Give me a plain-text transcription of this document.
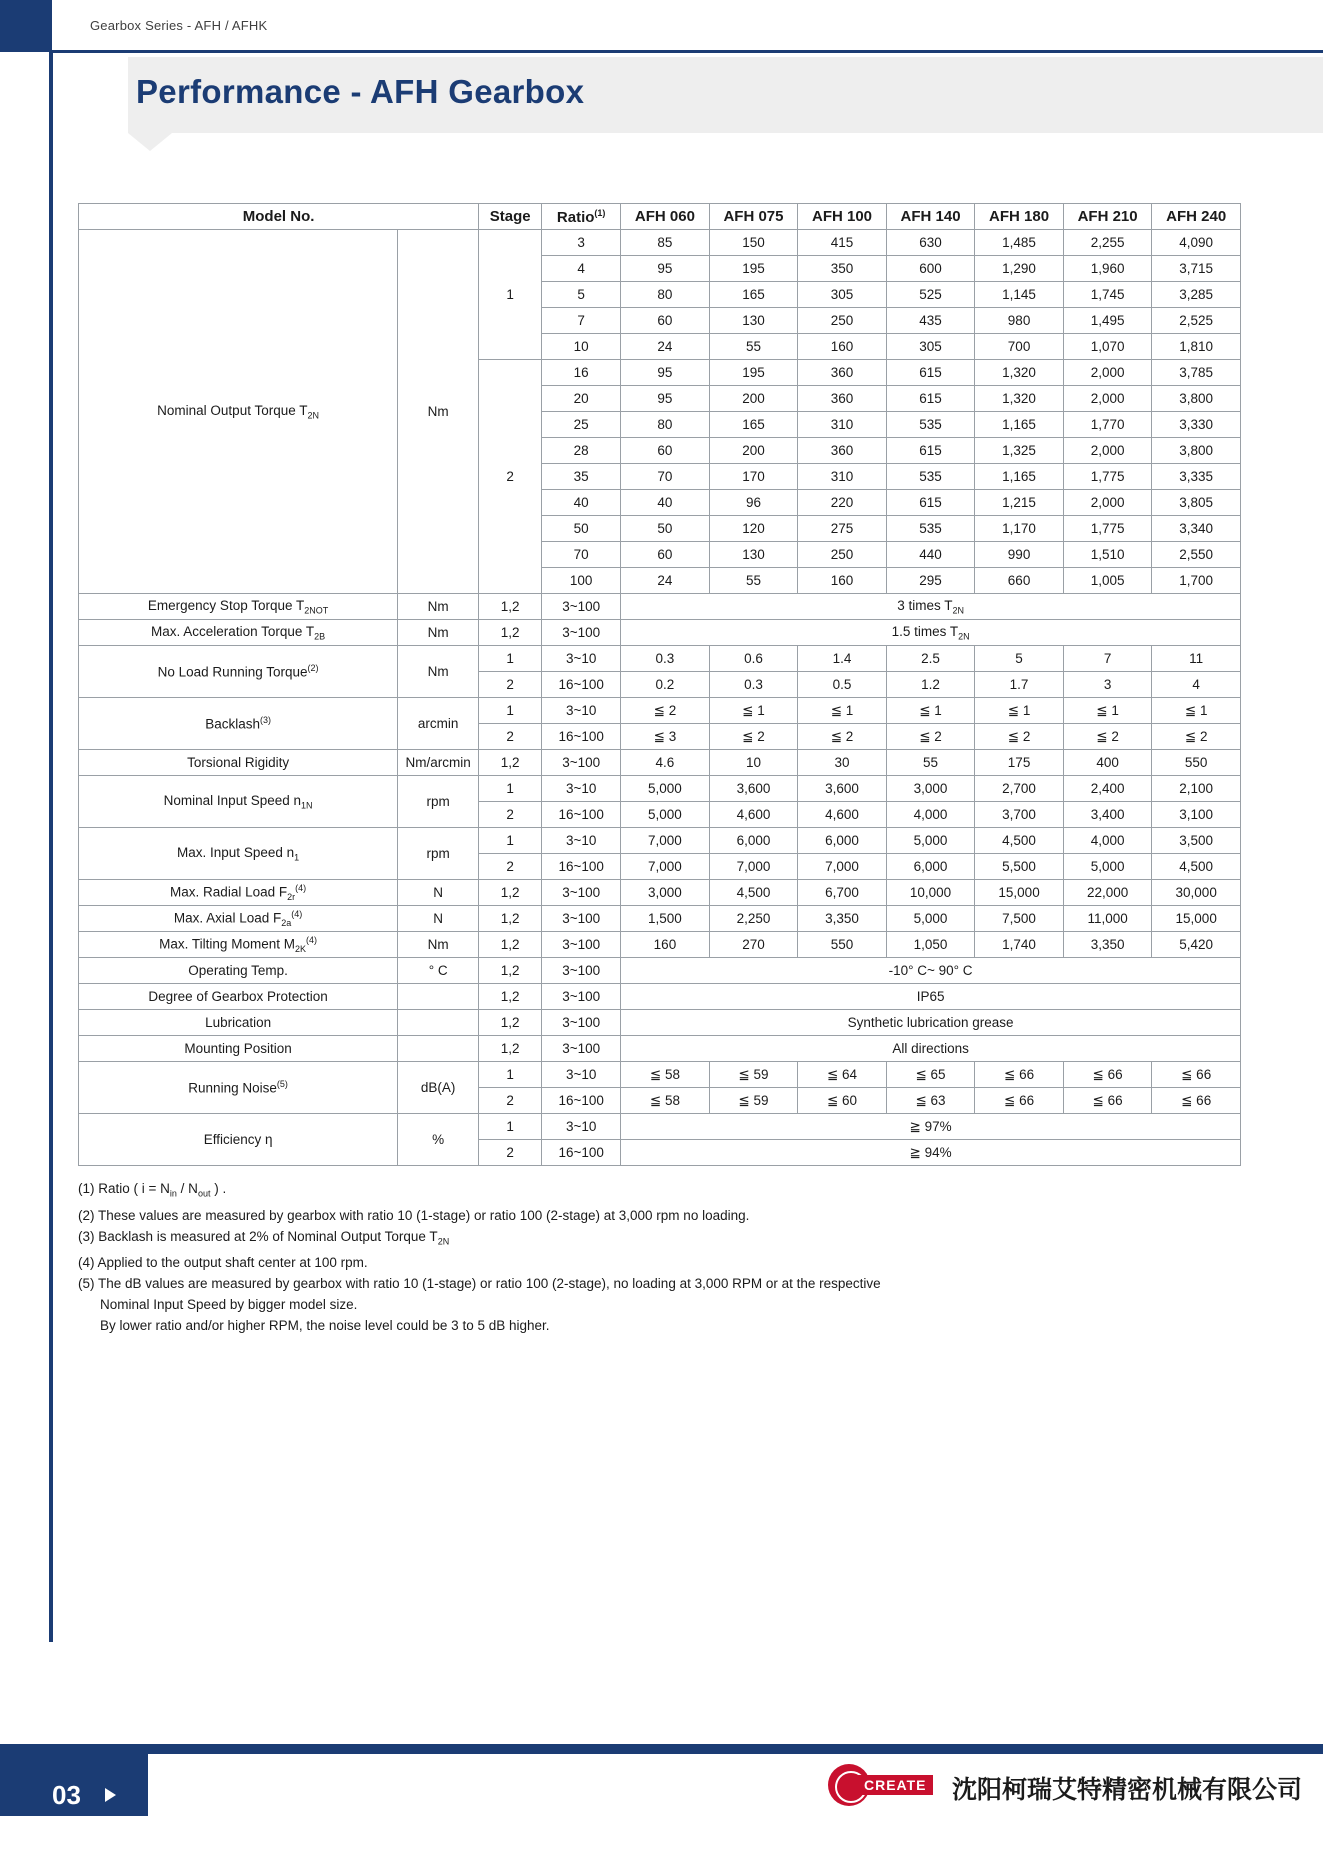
Gearbox Series - AFH / AFHK
Performance - AFH Gearbox
Model No.		Stage	Ratio$^{(1)}$	AFH 060	AFH 075	AFH 100	AFH 140	AFH 180	AFH 210	AFH 240
Nominal Output Torque $T_{2N}$	Nm	1	3	85	150	415	630	1,485	2,255	4,090
			4	95	195	350	600	1,290	1,960	3,715
			5	80	165	305	525	1,145	1,745	3,285
			7	60	130	250	435	980	1,495	2,525
			10	24	55	160	305	700	1,070	1,810
		2	16	95	195	360	615	1,320	2,000	3,785
			20	95	200	360	615	1,320	2,000	3,800
			25	80	165	310	535	1,165	1,770	3,330
			28	60	200	360	615	1,325	2,000	3,800
			35	70	170	310	535	1,165	1,775	3,335
			40	40	96	220	615	1,215	2,000	3,805
			50	50	120	275	535	1,170	1,775	3,340
			70	60	130	250	440	990	1,510	2,550
			100	24	55	160	295	660	1,005	1,700
Emergency Stop Torque $T_{2NOT}$	Nm	1,2	3~100	3 times $T_{2N}$
Max. Acceleration Torque $T_{2B}$	Nm	1,2	3~100	1.5 times $T_{2N}$
No Load Running Torque$^{(2)}$	Nm	1	3~10	0.3	0.6	1.4	2.5	5	7	11
		2	16~100	0.2	0.3	0.5	1.2	1.7	3	4
Backlash$^{(3)}$	arcmin	1	3~10	≦ 2	≦ 1	≦ 1	≦ 1	≦ 1	≦ 1	≦ 1
		2	16~100	≦ 3	≦ 2	≦ 2	≦ 2	≦ 2	≦ 2	≦ 2
Torsional Rigidity	Nm/arcmin	1,2	3~100	4.6	10	30	55	175	400	550
Nominal Input Speed $n_{1N}$	rpm	1	3~10	5,000	3,600	3,600	3,000	2,700	2,400	2,100
		2	16~100	5,000	4,600	4,600	4,000	3,700	3,400	3,100
Max. Input Speed $n_1$	rpm	1	3~10	7,000	6,000	6,000	5,000	4,500	4,000	3,500
		2	16~100	7,000	7,000	7,000	6,000	5,500	5,000	4,500
Max. Radial Load $F_{2r}^{(4)}$	N	1,2	3~100	3,000	4,500	6,700	10,000	15,000	22,000	30,000
Max. Axial Load $F_{2a}^{(4)}$	N	1,2	3~100	1,500	2,250	3,350	5,000	7,500	11,000	15,000
Max. Tilting Moment $M_{2K}^{(4)}$	Nm	1,2	3~100	160	270	550	1,050	1,740	3,350	5,420
Operating Temp.	° C	1,2	3~100	-10° C~ 90° C						
Degree of Gearbox Protection		1,2	3~100	IP65						
Lubrication		1,2	3~100	Synthetic lubrication grease						
Mounting Position		1,2	3~100	All directions						
Running Noise$^{(5)}$	dB(A)	1	3~10	≦ 58	≦ 59	≦ 64	≦ 65	≦ 66	≦ 66	≦ 66
		2	16~100	≦ 58	≦ 59	≦ 60	≦ 63	≦ 66	≦ 66	≦ 66
Efficiency η	%	1	3~10	≧ 97%						
		2	16~100	≧ 94%						
(1) Ratio ( $i = N_{in} / N_{out}$ ) .
(2) These values are measured by gearbox with ratio 10 (1-stage) or ratio 100 (2-stage) at 3,000 rpm no loading.
(3) Backlash is measured at 2% of Nominal Output Torque $T_{2N}$
(4) Applied to the output shaft center at 100 rpm.
(5) The dB values are measured by gearbox with ratio 10 (1-stage) or ratio 100 (2-stage), no loading at 3,000 RPM or at the respective
Nominal Input Speed by bigger model size.
By lower ratio and/or higher RPM, the noise level could be 3 to 5 dB higher.
03	CREATE 沈阳柯瑞艾特精密机械有限公司
